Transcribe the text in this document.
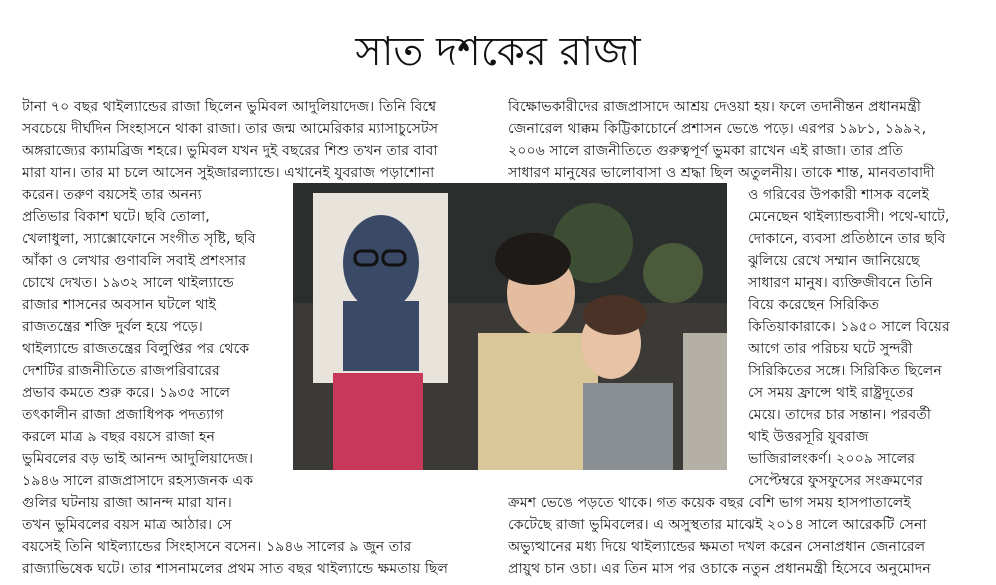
সাত দশকের রাজা
টানা ৭০ বছর থাইল্যান্ডের রাজা ছিলেন ভুমিবল আদুলিয়াদেজ। তিনি বিশ্বে
সবচেয়ে দীর্ঘদিন সিংহাসনে থাকা রাজা। তার জন্ম আমেরিকার ম্যাসাচুসেটস
অঙ্গরাজ্যের ক্যামব্রিজ শহরে। ভুমিবল যখন দুই বছরের শিশু তখন তার বাবা
মারা যান। তার মা চলে আসেন সুইজারল্যান্ডে। এখানেই যুবরাজ পড়াশোনা
করেন। তরুণ বয়সেই তার অনন্য
প্রতিভার বিকাশ ঘটে। ছবি তোলা,
খেলাধুলা, স্যাক্সোফোনে সংগীত সৃষ্টি, ছবি
আঁকা ও লেখার গুণাবলি সবাই প্রশংসার
চোখে দেখত। ১৯৩২ সালে থাইল্যান্ডে
রাজার শাসনের অবসান ঘটলে থাই
রাজতন্ত্রের শক্তি দুর্বল হয়ে পড়ে।
থাইল্যান্ডে রাজতন্ত্রের বিলুপ্তির পর থেকে
দেশটির রাজনীতিতে রাজপরিবারের
প্রভাব কমতে শুরু করে। ১৯৩৫ সালে
তৎকালীন রাজা প্রজাধিপক পদত্যাগ
করলে মাত্র ৯ বছর বয়সে রাজা হন
ভুমিবলের বড় ভাই আনন্দ আদুলিয়াদেজ।
১৯৪৬ সালে রাজপ্রাসাদে রহস্যজনক এক
গুলির ঘটনায় রাজা আনন্দ মারা যান।
তখন ভুমিবলের বয়স মাত্র আঠার। সে
বয়সেই তিনি থাইল্যান্ডের সিংহাসনে বসেন। ১৯৪৬ সালের ৯ জুন তার
রাজ্যাভিষেক ঘটে। তার শাসনামলের প্রথম সাত বছর থাইল্যান্ডে ক্ষমতায় ছিল
বিক্ষোভকারীদের রাজপ্রাসাদে আশ্রয় দেওয়া হয়। ফলে তদানীন্তন প্রধানমন্ত্রী
জেনারেল থাক্কম কিট্টিকাচোর্নে প্রশাসন ভেঙে পড়ে। এরপর ১৯৮১, ১৯৯২,
২০০৬ সালে রাজনীতিতে গুরুত্বপূর্ণ ভুমকা রাখেন এই রাজা। তার প্রতি
সাধারণ মানুষের ভালোবাসা ও শ্রদ্ধা ছিল অতুলনীয়। তাকে শান্ত, মানবতাবাদী
ও গরিবের উপকারী শাসক বলেই
মেনেছেন থাইল্যান্ডবাসী। পথে-ঘাটে,
দোকানে, ব্যবসা প্রতিষ্ঠানে তার ছবি
ঝুলিয়ে রেখে সম্মান জানিয়েছে
সাধারণ মানুষ। ব্যক্তিজীবনে তিনি
বিয়ে করেছেন সিরিকিত
কিতিয়াকারাকে। ১৯৫০ সালে বিয়ের
আগে তার পরিচয় ঘটে সুন্দরী
সিরিকিতের সঙ্গে। সিরিকিত ছিলেন
সে সময় ফ্রান্সে থাই রাষ্ট্রদূতের
মেয়ে। তাদের চার সন্তান। পরবর্তী
থাই উত্তরসূরি যুবরাজ
ভাজিরালংকর্ণ। ২০০৯ সালের
সেপ্টেম্বরে ফুসফুসের সংক্রমণের
ক্রমশ ভেঙে পড়তে থাকে। গত কয়েক বছর বেশি ভাগ সময় হাসপাতালেই
কেটেছে রাজা ভুমিবলের। এ অসুস্থতার মাঝেই ২০১৪ সালে আরেকটি সেনা
অভ্যুত্থানের মধ্য দিয়ে থাইল্যান্ডের ক্ষমতা দখল করেন সেনাপ্রধান জেনারেল
প্রায়ুথ চান ওচা। এর তিন মাস পর ওচাকে নতুন প্রধানমন্ত্রী হিসেবে অনুমোদন
